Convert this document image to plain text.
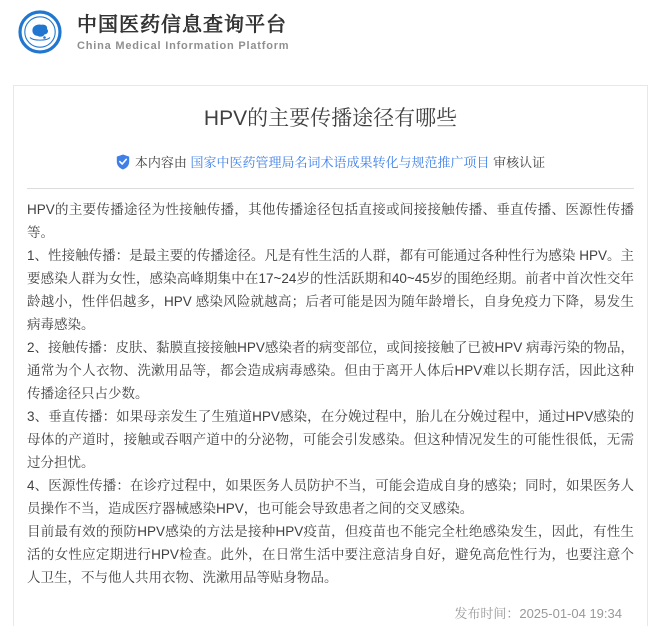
中国医药信息查询平台
China Medical Information Platform
HPV的主要传播途径有哪些
本内容由 国家中医药管理局名词术语成果转化与规范推广项目 审核认证

HPV的主要传播途径为性接触传播，其他传播途径包括直接或间接接触传播、垂直传播、医源性传播等。

1、性接触传播：是最主要的传播途径。凡是有性生活的人群，都有可能通过各种性行为感染 HPV。主要感染人群为女性，感染高峰期集中在17~24岁的性活跃期和40~45岁的围绝经期。前者中首次性交年龄越小，性伴侣越多，HPV 感染风险就越高；后者可能是因为随年龄增长，自身免疫力下降，易发生病毒感染。

2、接触传播：皮肤、黏膜直接接触HPV感染者的病变部位，或间接接触了已被HPV 病毒污染的物品，通常为个人衣物、洗漱用品等，都会造成病毒感染。但由于离开人体后HPV难以长期存活，因此这种传播途径只占少数。

3、垂直传播：如果母亲发生了生殖道HPV感染，在分娩过程中，胎儿在分娩过程中，通过HPV感染的母体的产道时，接触或吞咽产道中的分泌物，可能会引发感染。但这种情况发生的可能性很低，无需过分担忧。

4、医源性传播：在诊疗过程中，如果医务人员防护不当，可能会造成自身的感染；同时，如果医务人员操作不当，造成医疗器械感染HPV，也可能会导致患者之间的交叉感染。

目前最有效的预防HPV感染的方法是接种HPV疫苗，但疫苗也不能完全杜绝感染发生，因此，有性生活的女性应定期进行HPV检查。此外，在日常生活中要注意洁身自好，避免高危性行为，也要注意个人卫生，不与他人共用衣物、洗漱用品等贴身物品。

发布时间：2025-01-04 19:34
